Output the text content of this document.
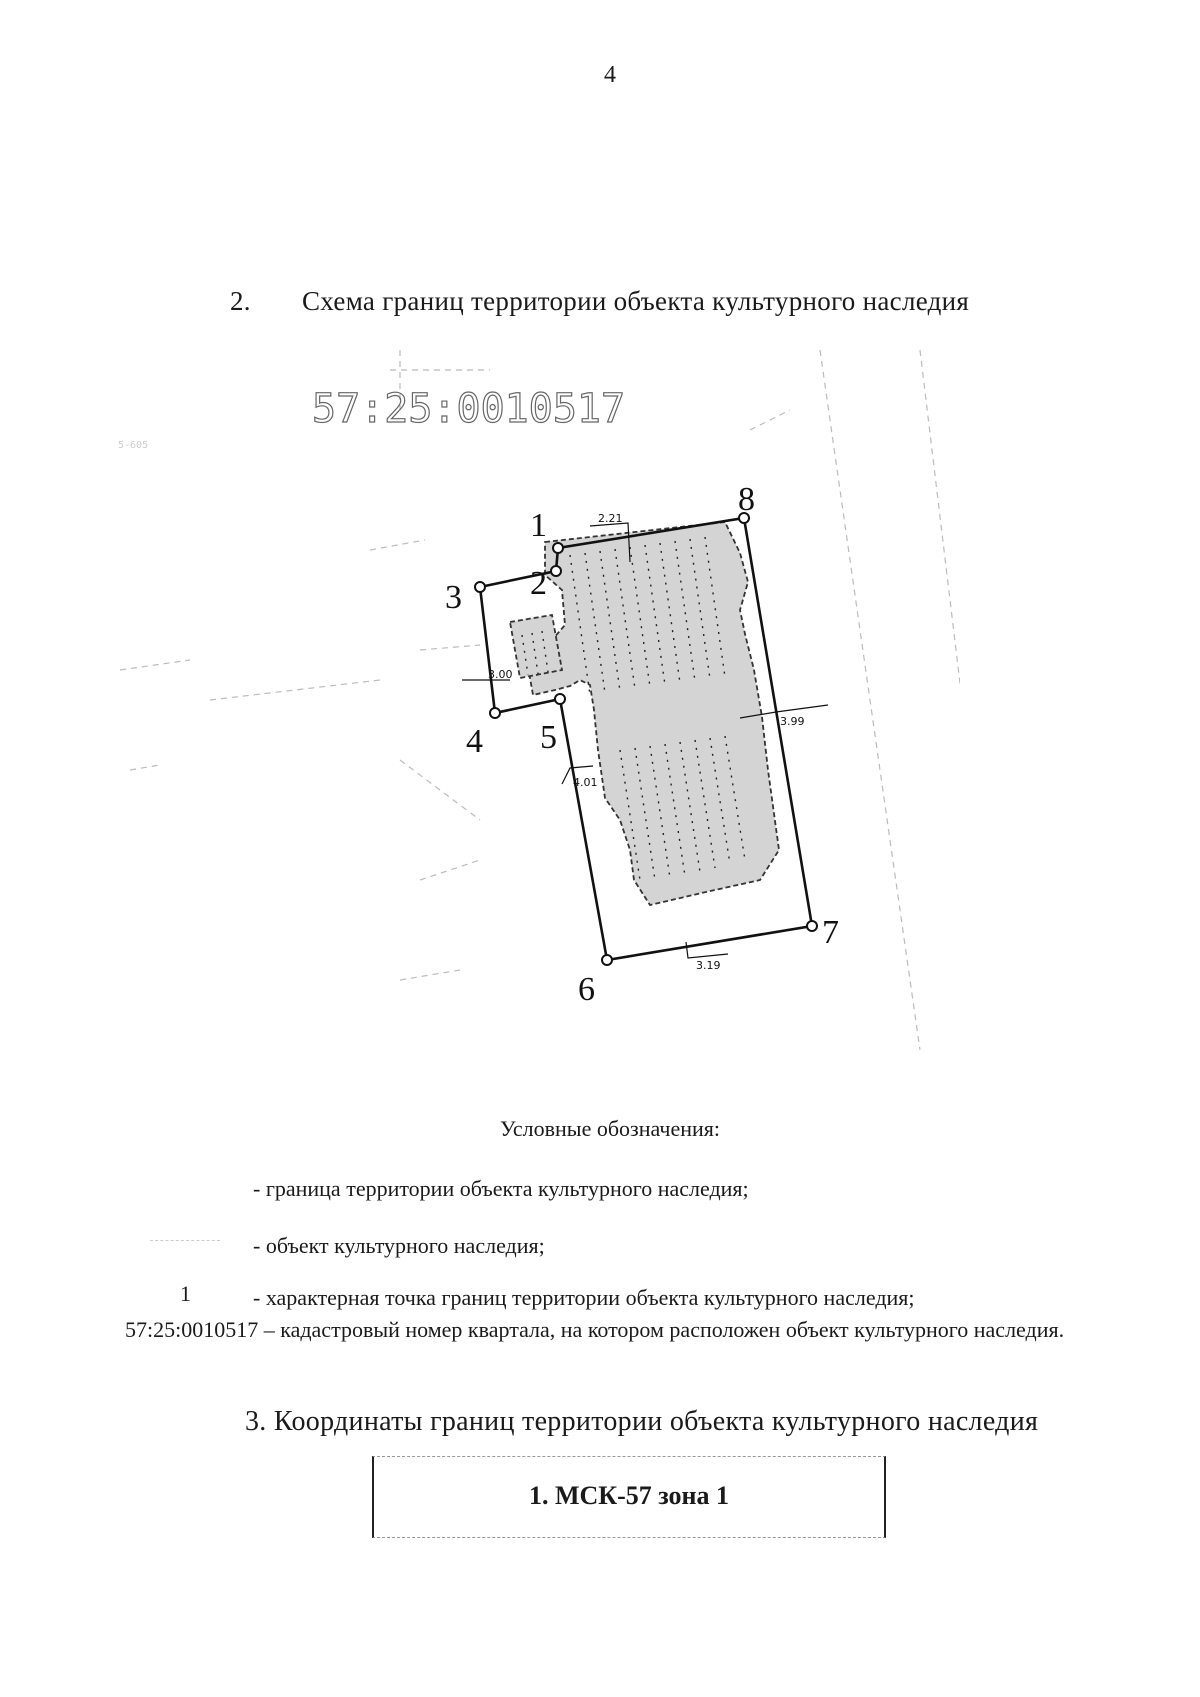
4
2. Схема границ территории объекта культурного наследия
5-605
57:25:0010517
1
2
3
4 5
6
7
8
2.21
3.00
3.99
4.01
3.19
Условные обозначения:
- граница территории объекта культурного наследия;
- объект культурного наследия;
1	- характерная точка границ территории объекта культурного наследия;
57:25:0010517 – кадастровый номер квартала, на котором расположен объект культурного наследия.
3. Координаты границ территории объекта культурного наследия
1. МСК-57 зона 1
